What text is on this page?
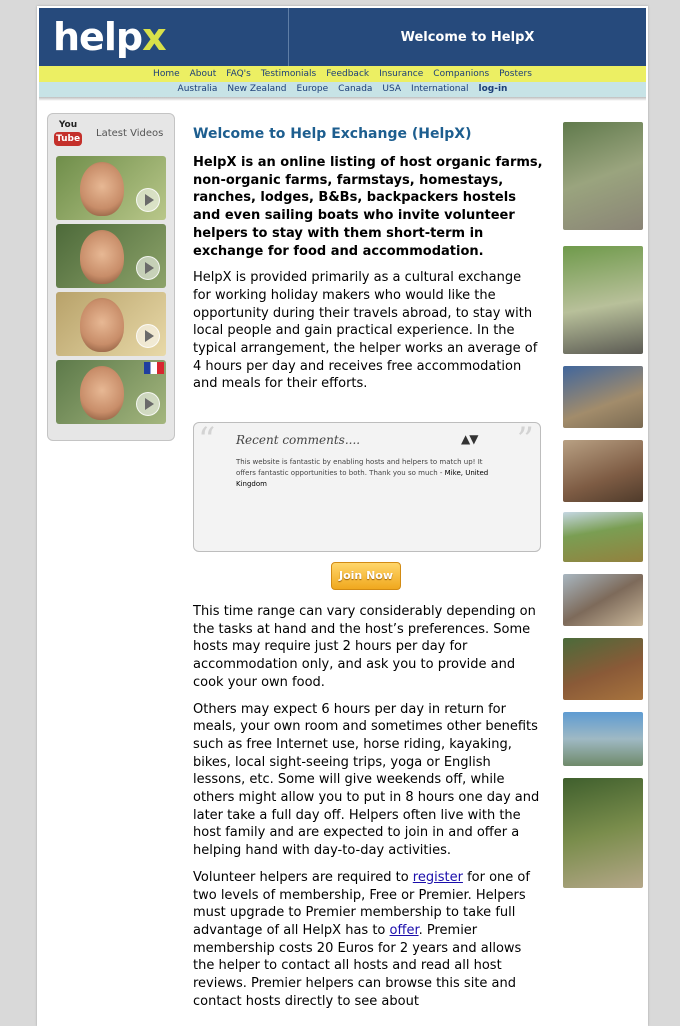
helpx	Welcome to HelpX
Home About FAQ's Testimonials Feedback Insurance Companions Posters
Australia New Zealand Europe Canada USA International log-in
You
Tube Latest Videos Welcome to Help Exchange (HelpX)

HelpX is an online listing of host organic farms, non-organic farms, farmstays, homestays, ranches, lodges, B&Bs, backpackers hostels and even sailing boats who invite volunteer helpers to stay with them short-term in exchange for food and accommodation.

HelpX is provided primarily as a cultural exchange for working holiday makers who would like the opportunity during their travels abroad, to stay with local people and gain practical experience. In the typical arrangement, the helper works an average of 4 hours per day and receives free accommodation and meals for their efforts.

“	”
Recent comments....	▲▼
This website is fantastic by enabling hosts and helpers to match up! It offers fantastic opportunities to both. Thank you so much - Mike, United Kingdom
Join Now

This time range can vary considerably depending on the tasks at hand and the host’s preferences. Some hosts may require just 2 hours per day for accommodation only, and ask you to provide and cook your own food.

Others may expect 6 hours per day in return for meals, your own room and sometimes other benefits such as free Internet use, horse riding, kayaking, bikes, local sight-seeing trips, yoga or English lessons, etc. Some will give weekends off, while others might allow you to put in 8 hours one day and later take a full day off. Helpers often live with the host family and are expected to join in and offer a helping hand with day-to-day activities.

Volunteer helpers are required to register for one of two levels of membership, Free or Premier. Helpers must upgrade to Premier membership to take full advantage of all HelpX has to offer. Premier membership costs 20 Euros for 2 years and allows the helper to contact all hosts and read all host reviews. Premier helpers can browse this site and contact hosts directly to see about
